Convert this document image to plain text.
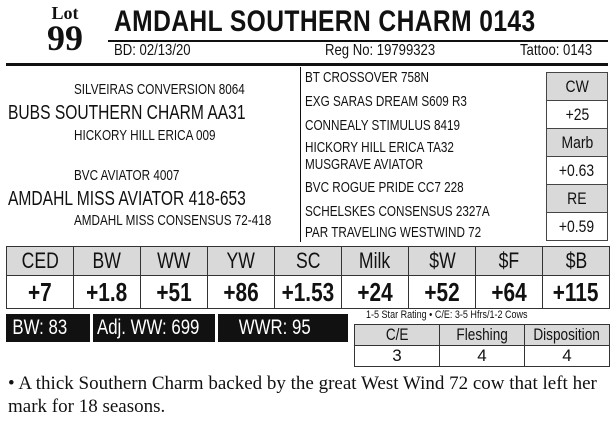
Lot
99	AMDAHL SOUTHERN CHARM 0143
BD: 02/13/20	Reg No: 19799323	Tattoo: 0143
SILVEIRAS CONVERSION 8064
BUBS SOUTHERN CHARM AA31
HICKORY HILL ERICA 009
BVC AVIATOR 4007
AMDAHL MISS AVIATOR 418-653
AMDAHL MISS CONSENSUS 72-418
BT CROSSOVER 758N
EXG SARAS DREAM S609 R3
CONNEALY STIMULUS 8419
HICKORY HILL ERICA TA32
MUSGRAVE AVIATOR
BVC ROGUE PRIDE CC7 228
SCHELSKES CONSENSUS 2327A
PAR TRAVELING WESTWIND 72
CW
+25
Marb
+0.63
RE
+0.59
CED	BW	WW	YW	SC	Milk	$W	$F	$B
+7	+1.8	+51	+86 +1.53 +24	+52	+64	+115
BW: 83	Adj. WW: 699	WWR: 95
1-5 Star Rating • C/E: 3-5 Hfrs/1-2 Cows
C/E	Fleshing	Disposition
3	4	4
• A thick Southern Charm backed by the great West Wind 72 cow that left her mark for 18 seasons.
